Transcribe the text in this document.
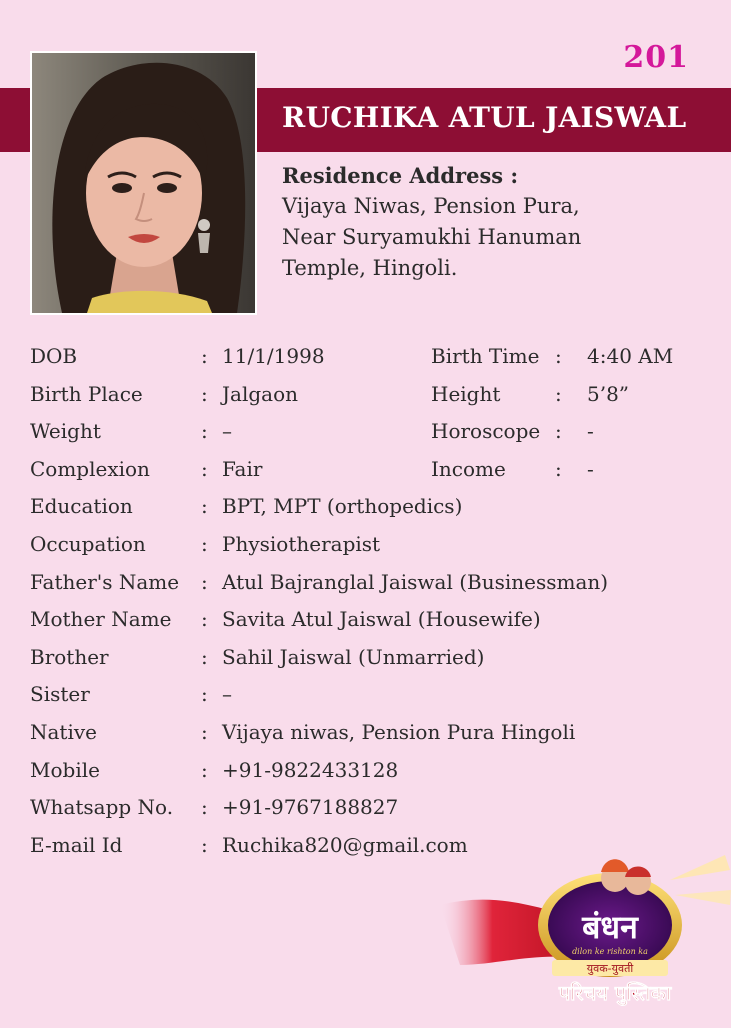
201
RUCHIKA ATUL JAISWAL
Residence Address :
Vijaya Niwas, Pension Pura,
Near Suryamukhi Hanuman
Temple, Hingoli.
DOB	: 11/1/1998	Birth Time : 4:40 AM
Birth Place	: Jalgaon	Height	: 5’8”
Weight	: –	Horoscope : -
Complexion	: Fair	Income : -
Education	: BPT, MPT (orthopedics)
Occupation	: Physiotherapist
Father's Name : Atul Bajranglal Jaiswal (Businessman)
Mother Name : Savita Atul Jaiswal (Housewife)
Brother	: Sahil Jaiswal (Unmarried)
Sister	: –
Native	: Vijaya niwas, Pension Pura Hingoli
Mobile	: +91-9822433128
Whatsapp No. : +91-9767188827
E-mail Id	: Ruchika820@gmail.com
बंधन
dilon ke rishton ka
युवक-युवती
परिचय पुस्तिका
